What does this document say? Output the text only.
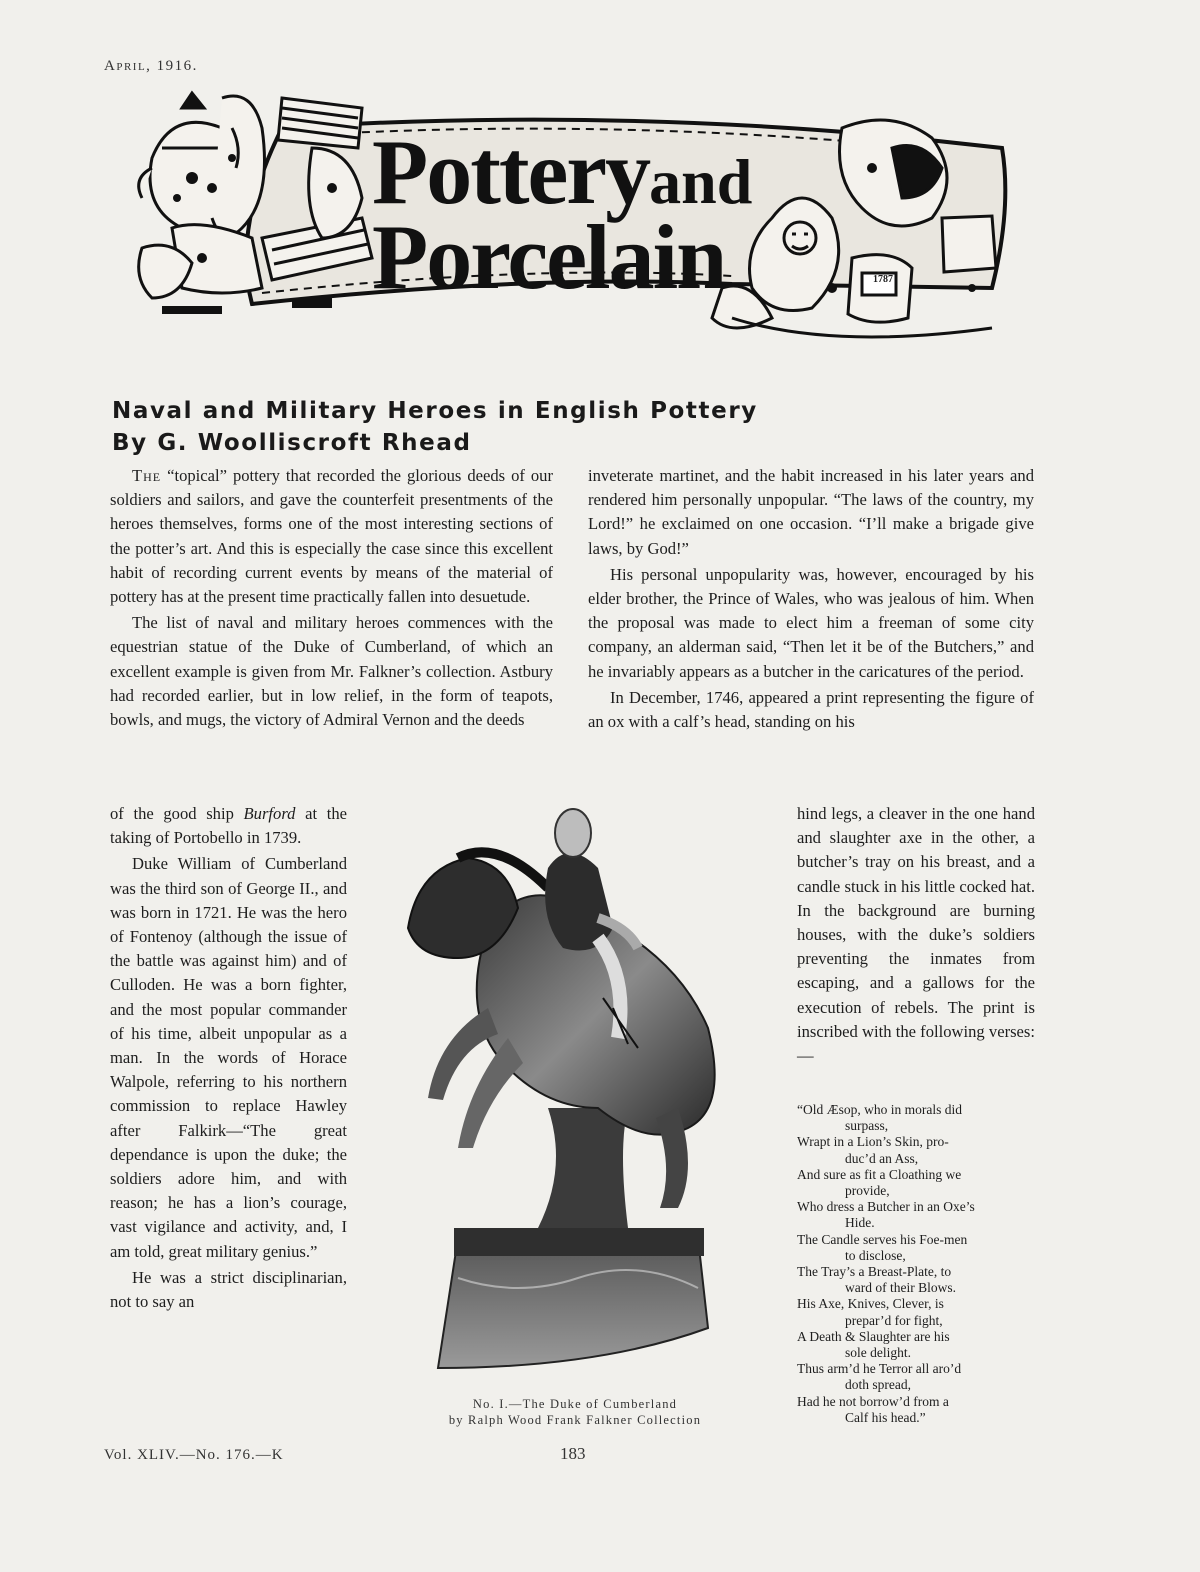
April, 1916.
Potteryand
Porcelain	1787
Naval and Military Heroes in English Pottery
By G. Woolliscroft Rhead

The “topical” pottery that recorded the glorious deeds of our soldiers and sailors, and gave the counterfeit presentments of the heroes themselves, forms one of the most interesting sections of the potter’s art. And this is especially the case since this excellent habit of recording current events by means of the material of pottery has at the present time practically fallen into desuetude.

The list of naval and military heroes commences with the equestrian statue of the Duke of Cumberland, of which an excellent example is given from Mr. Falkner’s collection. Astbury had recorded earlier, but in low relief, in the form of teapots, bowls, and mugs, the victory of Admiral Vernon and the deeds

of the good ship Burford at the taking of Portobello in 1739.

Duke William of Cumberland was the third son of George II., and was born in 1721. He was the hero of Fontenoy (although the issue of the battle was against him) and of Culloden. He was a born fighter, and the most popular commander of his time, albeit unpopular as a man. In the words of Horace Walpole, referring to his northern commission to replace Hawley after Falkirk—“The great dependance is upon the duke; the soldiers adore him, and with reason; he has a lion’s courage, vast vigilance and activity, and, I am told, great military genius.”

He was a strict disciplinarian, not to say an

inveterate martinet, and the habit increased in his later years and rendered him personally unpopular. “The laws of the country, my Lord!” he exclaimed on one occasion. “I’ll make a brigade give laws, by God!”

His personal unpopularity was, however, encouraged by his elder brother, the Prince of Wales, who was jealous of him. When the proposal was made to elect him a freeman of some city company, an alderman said, “Then let it be of the Butchers,” and he invariably appears as a butcher in the caricatures of the period.

In December, 1746, appeared a print representing the figure of an ox with a calf’s head, standing on his

hind legs, a cleaver in the one hand and slaughter axe in the other, a butcher’s tray on his breast, and a candle stuck in his little cocked hat. In the background are burning houses, with the duke’s soldiers preventing the inmates from escaping, and a gallows for the execution of rebels. The print is inscribed with the following verses:—

“Old Æsop, who in morals did
surpass,
Wrapt in a Lion’s Skin, pro-
duc’d an Ass,
And sure as fit a Cloathing we
provide,
Who dress a Butcher in an Oxe’s
Hide.
The Candle serves his Foe-men
to disclose,
The Tray’s a Breast-Plate, to
ward of their Blows.
His Axe, Knives, Clever, is
prepar’d for fight,
A Death & Slaughter are his
sole delight.
Thus arm’d he Terror all aro’d
doth spread,
Had he not borrow’d from a
Calf his head.”
No. I.—The Duke of Cumberland
by Ralph Wood Frank Falkner Collection
Vol. XLIV.—No. 176.—K	183
